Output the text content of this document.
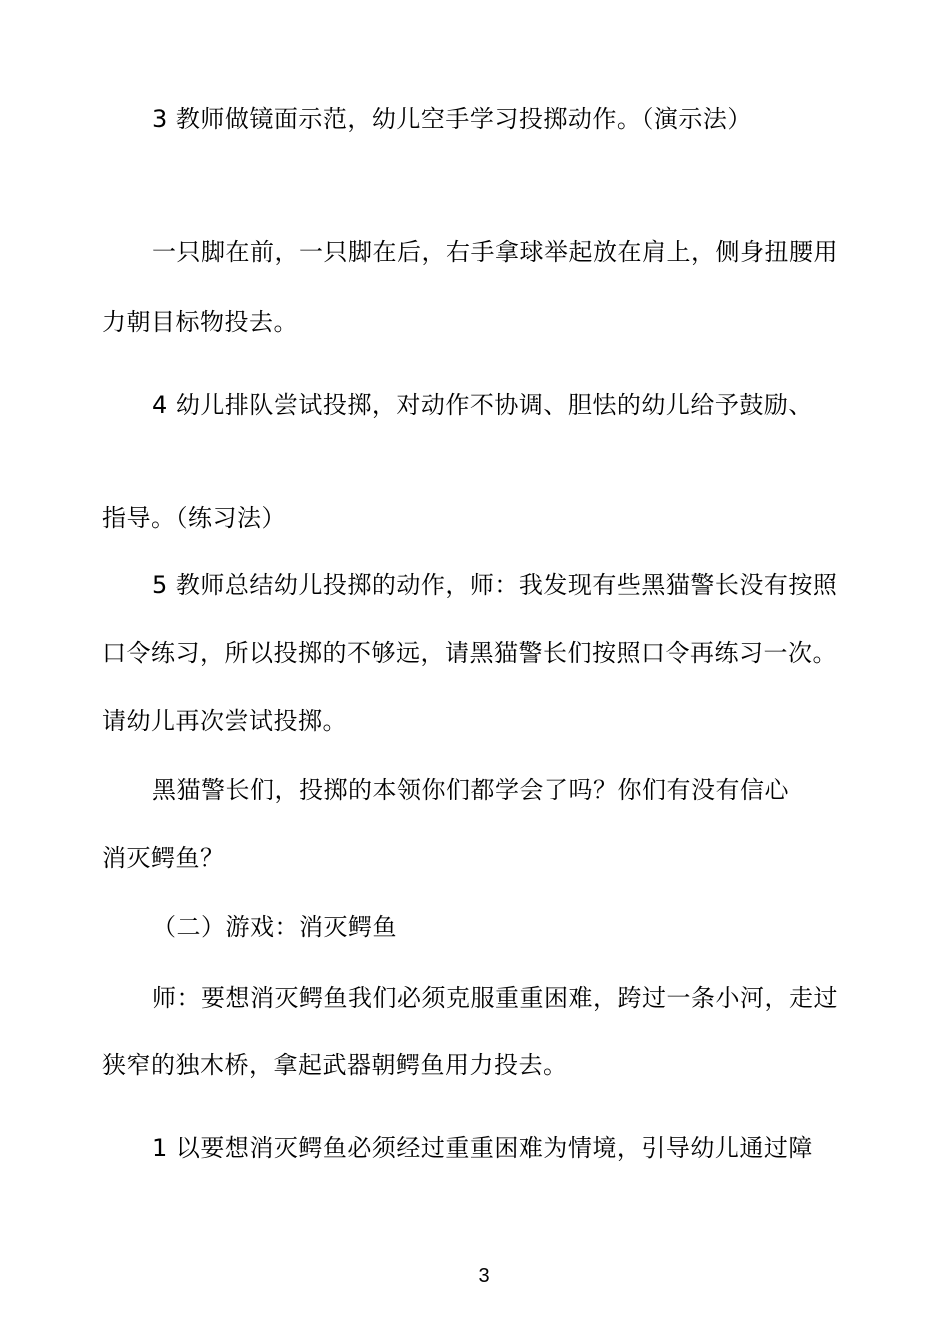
3 教师做镜面示范，幼儿空手学习投掷动作。（演示法）
一只脚在前，一只脚在后，右手拿球举起放在肩上，侧身扭腰用
力朝目标物投去。
4 幼儿排队尝试投掷，对动作不协调、胆怯的幼儿给予鼓励、
指导。（练习法）
5 教师总结幼儿投掷的动作，师：我发现有些黑猫警长没有按照
口令练习，所以投掷的不够远，请黑猫警长们按照口令再练习一次。
请幼儿再次尝试投掷。
黑猫警长们，投掷的本领你们都学会了吗？你们有没有信心
消灭鳄鱼？
（二）游戏：消灭鳄鱼
师：要想消灭鳄鱼我们必须克服重重困难，跨过一条小河，走过
狭窄的独木桥，拿起武器朝鳄鱼用力投去。
1 以要想消灭鳄鱼必须经过重重困难为情境，引导幼儿通过障
3
